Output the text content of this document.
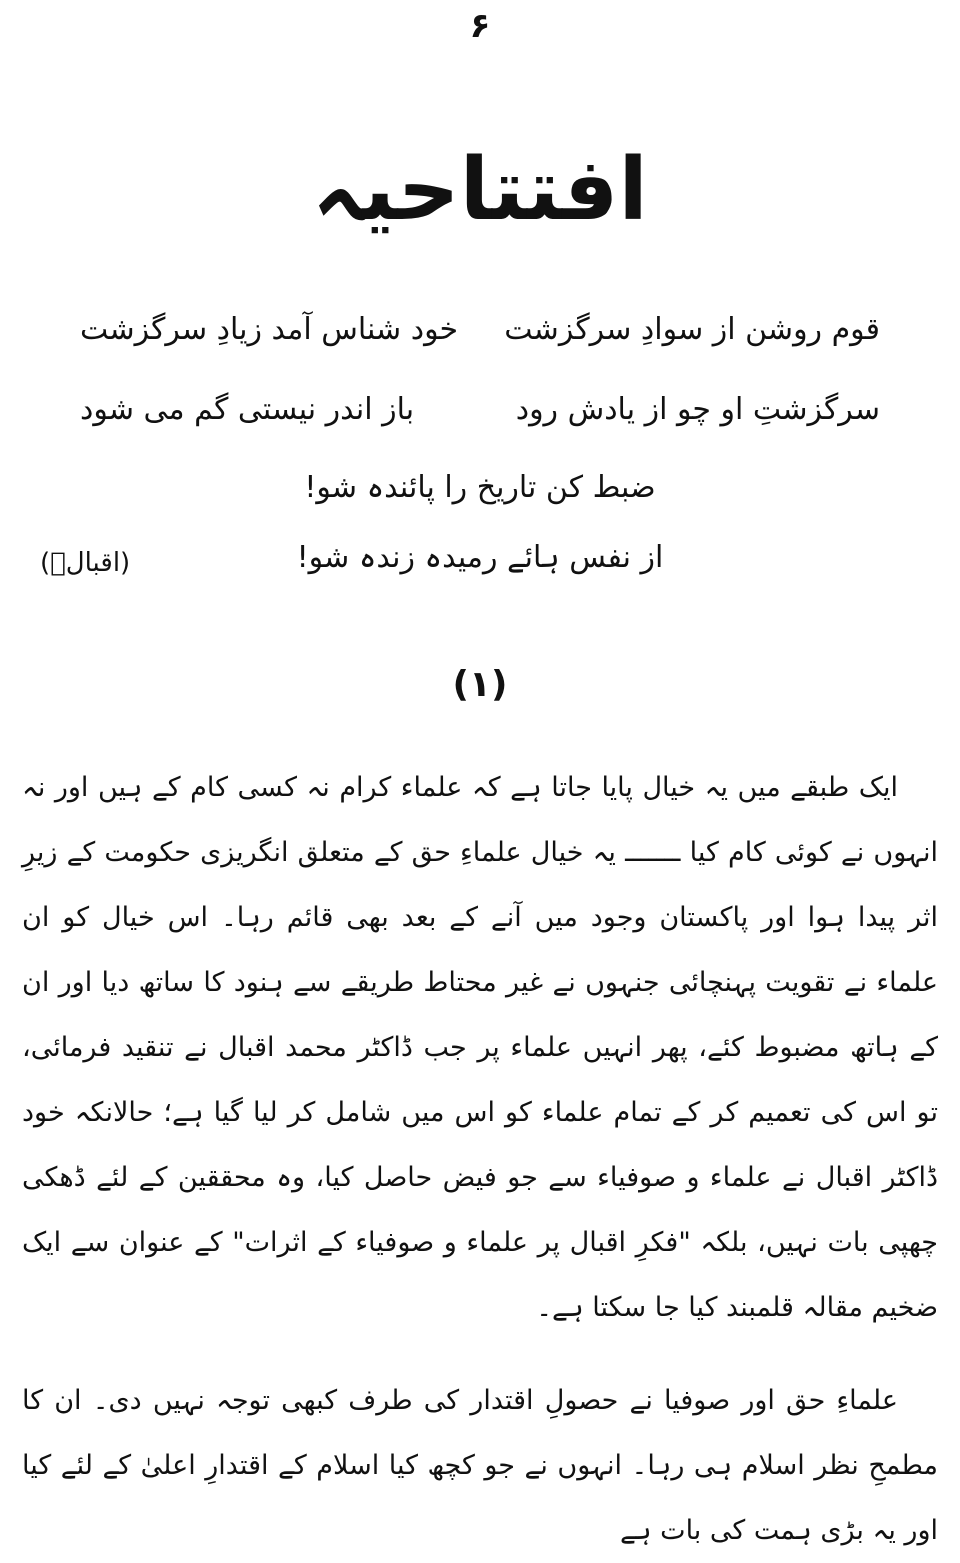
۶
افتتاحیہ
قوم روشن از سوادِ سرگزشت
خود شناس آمد زیادِ سرگزشت
سرگزشتِ او چو از یادش رود
باز اندر نیستی گم می شود
ضبط کن تاریخ را پائندہ شو!
از نفس ہائے رمیدہ زندہ شو!
(اقبالؔ)
(۱)

ایک طبقے میں یہ خیال پایا جاتا ہے کہ علماء کرام نہ کسی کام کے ہیں اور نہ انہوں نے کوئی کام کیا ـــــــ یہ خیال علماءِ حق کے متعلق انگریزی حکومت کے زیرِ اثر پیدا ہوا اور پاکستان وجود میں آنے کے بعد بھی قائم رہا۔ اس خیال کو ان علماء نے تقویت پہنچائی جنہوں نے غیر محتاط طریقے سے ہنود کا ساتھ دیا اور ان کے ہاتھ مضبوط کئے، پھر انہیں علماء پر جب ڈاکٹر محمد اقبال نے تنقید فرمائی، تو اس کی تعمیم کر کے تمام علماء کو اس میں شامل کر لیا گیا ہے؛ حالانکہ خود ڈاکٹر اقبال نے علماء و صوفیاء سے جو فیض حاصل کیا، وہ محققین کے لئے ڈھکی چھپی بات نہیں، بلکہ "فکرِ اقبال پر علماء و صوفیاء کے اثرات" کے عنوان سے ایک ضخیم مقالہ قلمبند کیا جا سکتا ہے۔

علماءِ حق اور صوفیا نے حصولِ اقتدار کی طرف کبھی توجہ نہیں دی۔ ان کا مطمحِ نظر اسلام ہی رہا۔ انہوں نے جو کچھ کیا اسلام کے اقتدارِ اعلیٰ کے لئے کیا اور یہ بڑی ہمت کی بات ہے
